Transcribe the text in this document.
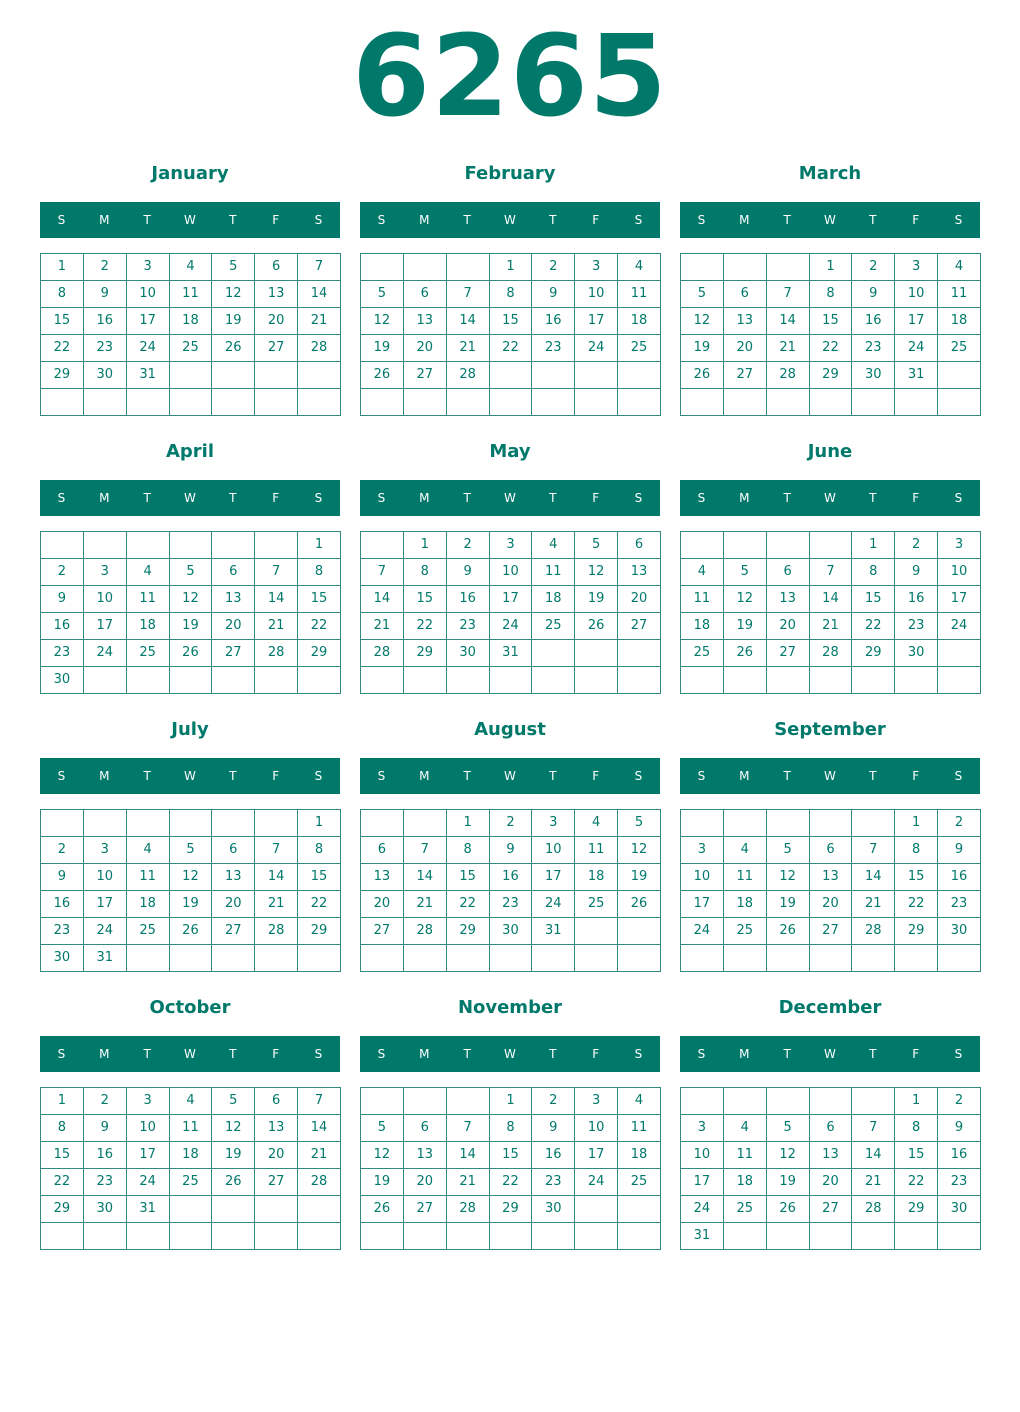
6265
January
S	M	T	W	T	F	S
1	2	3	4	5	6	7
8	9	10	11	12	13	14
15	16	17	18	19	20	21
22	23	24	25	26	27	28
29	30	31				

February
S	M	T	W	T	F	S
			1	2	3	4
5	6	7	8	9	10	11
12	13	14	15	16	17	18
19	20	21	22	23	24	25
26	27	28				

March
S	M	T	W	T	F	S
			1	2	3	4
5	6	7	8	9	10	11
12	13	14	15	16	17	18
19	20	21	22	23	24	25
26	27	28	29	30	31	

April
S	M	T	W	T	F	S
						1
2	3	4	5	6	7	8
9	10	11	12	13	14	15
16	17	18	19	20	21	22
23	24	25	26	27	28	29
30						
May
S	M	T	W	T	F	S
	1	2	3	4	5	6
7	8	9	10	11	12	13
14	15	16	17	18	19	20
21	22	23	24	25	26	27
28	29	30	31			

June
S	M	T	W	T	F	S
				1	2	3
4	5	6	7	8	9	10
11	12	13	14	15	16	17
18	19	20	21	22	23	24
25	26	27	28	29	30	

July
S	M	T	W	T	F	S
						1
2	3	4	5	6	7	8
9	10	11	12	13	14	15
16	17	18	19	20	21	22
23	24	25	26	27	28	29
30	31					
August
S	M	T	W	T	F	S
		1	2	3	4	5
6	7	8	9	10	11	12
13	14	15	16	17	18	19
20	21	22	23	24	25	26
27	28	29	30	31		

September
S	M	T	W	T	F	S
					1	2
3	4	5	6	7	8	9
10	11	12	13	14	15	16
17	18	19	20	21	22	23
24	25	26	27	28	29	30

October
S	M	T	W	T	F	S
1	2	3	4	5	6	7
8	9	10	11	12	13	14
15	16	17	18	19	20	21
22	23	24	25	26	27	28
29	30	31				

November
S	M	T	W	T	F	S
			1	2	3	4
5	6	7	8	9	10	11
12	13	14	15	16	17	18
19	20	21	22	23	24	25
26	27	28	29	30		

December
S	M	T	W	T	F	S
					1	2
3	4	5	6	7	8	9
10	11	12	13	14	15	16
17	18	19	20	21	22	23
24	25	26	27	28	29	30
31						
